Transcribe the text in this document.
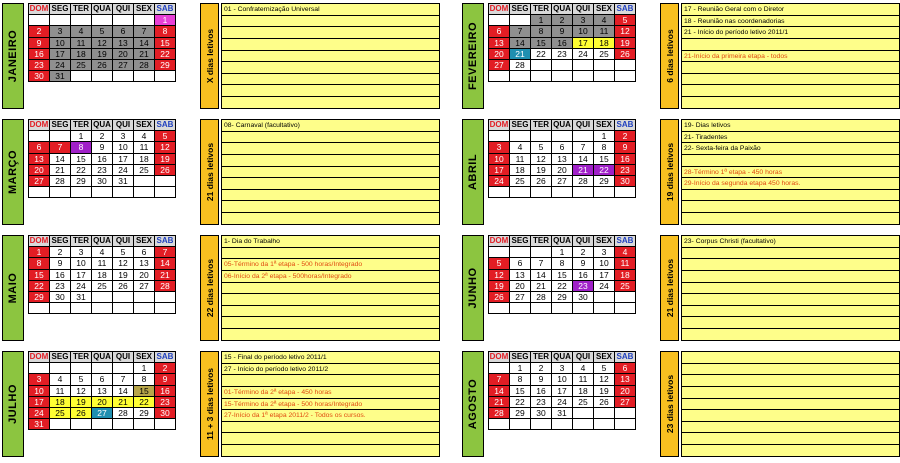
JANEIRO
DOM	SEG	TER	QUA	QUI	SEX	SAB
						1
2	3	4	5	6	7	8
9	10	11	12	13	14	15
16	17	18	19	20	21	22
23	24	25	26	27	28	29
30	31						X dias letivos
01 - Confraternização Universal
FEVEREIRO
DOM	SEG	TER	QUA	QUI	SEX	SAB
		1	2	3	4	5
6	7	8	9	10	11	12
13	14	15	16	17	18	19
20	21	22	23	24	25	26
27	28					
							6 dias letivos
17 - Reunião Geral com o Diretor
18 - Reunião nas coordenadorias
21 - Início do período letivo 2011/1
21-Início da primeira etapa - todos
MARÇO
DOM	SEG	TER	QUA	QUI	SEX	SAB
		1	2	3	4	5
6	7	8	9	10	11	12
13	14	15	16	17	18	19
20	21	22	23	24	25	26
27	28	29	30	31		
							21 dias letivos
08- Carnaval (facultativo)
ABRIL
DOM	SEG	TER	QUA	QUI	SEX	SAB
					1	2
3	4	5	6	7	8	9
10	11	12	13	14	15	16
17	18	19	20	21	22	23
24	25	26	27	28	29	30
							19 dias letivos
19- Dias letivos
21- Tiradentes
22- Sexta-feira da Paixão
28-Término 1ª etapa - 450 horas
29-Início da segunda etapa 450 horas.
MAIO
DOM	SEG	TER	QUA	QUI	SEX	SAB
1	2	3	4	5	6	7
8	9	10	11	12	13	14
15	16	17	18	19	20	21
22	23	24	25	26	27	28
29	30	31				
							22 dias letivos
1- Dia do Trabalho
05-Término da 1ª etapa - 500 horas/Integrado
06-Início da 2ª etapa - 500horas/Integrado	JUNHO
DOM	SEG	TER	QUA	QUI	SEX	SAB
			1	2	3	4
5	6	7	8	9	10	11
12	13	14	15	16	17	18
19	20	21	22	23	24	25
26	27	28	29	30		
							21 dias letivos
23- Corpus Christi (facultativo)
JULHO
DOM	SEG	TER	QUA	QUI	SEX	SAB
					1	2
3	4	5	6	7	8	9
10	11	12	13	14	15	16
17	18	19	20	21	22	23
24	25	26	27	28	29	30
31							11 + 3 dias letivos
15 - Final do período letivo 2011/1
27 - Início do período letivo 2011/2
01-Término da 2ª etapa - 450 horas
15-Término da 2ª etapa - 500 horas/Integrado
27-Início da 1ª etapa 2011/2 - Todos os cursos.	AGOSTO
DOM	SEG	TER	QUA	QUI	SEX	SAB
	1	2	3	4	5	6
7	8	9	10	11	12	13
14	15	16	17	18	19	20
21	22	23	24	25	26	27
28	29	30	31			
							23 dias letivos
